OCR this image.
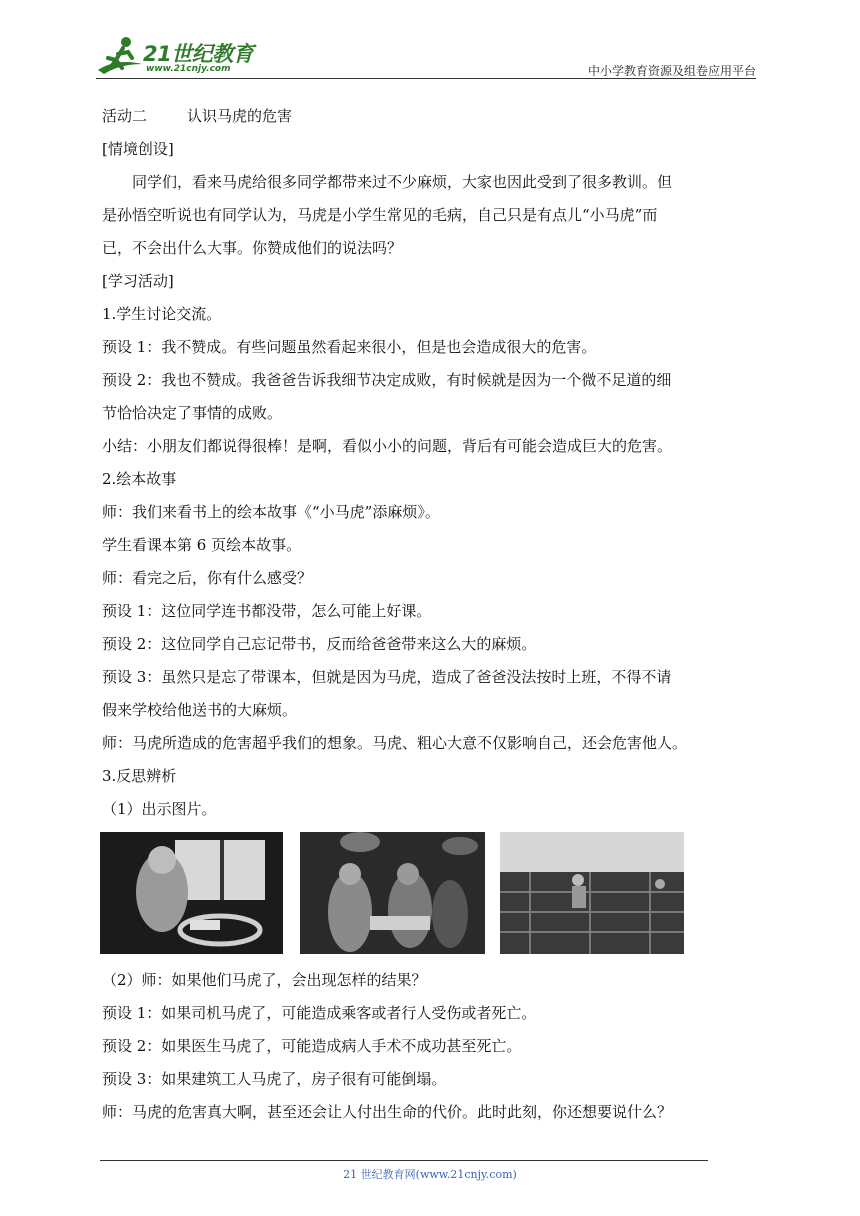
21世纪教育
www.21cnjy.com	中小学教育资源及组卷应用平台
活动二	认识马虎的危害
[情境创设]
同学们，看来马虎给很多同学都带来过不少麻烦，大家也因此受到了很多教训。但
是孙悟空听说也有同学认为，马虎是小学生常见的毛病，自己只是有点儿“小马虎”而
已，不会出什么大事。你赞成他们的说法吗？
[学习活动]
1.学生讨论交流。
预设 1：我不赞成。有些问题虽然看起来很小，但是也会造成很大的危害。
预设 2：我也不赞成。我爸爸告诉我细节决定成败，有时候就是因为一个微不足道的细
节恰恰决定了事情的成败。
小结：小朋友们都说得很棒！是啊，看似小小的问题，背后有可能会造成巨大的危害。
2.绘本故事
师：我们来看书上的绘本故事《“小马虎”添麻烦》。
学生看课本第 6 页绘本故事。
师：看完之后，你有什么感受？
预设 1：这位同学连书都没带，怎么可能上好课。
预设 2：这位同学自己忘记带书，反而给爸爸带来这么大的麻烦。
预设 3：虽然只是忘了带课本，但就是因为马虎，造成了爸爸没法按时上班，不得不请
假来学校给他送书的大麻烦。
师：马虎所造成的危害超乎我们的想象。马虎、粗心大意不仅影响自己，还会危害他人。
3.反思辨析
（1）出示图片。
（2）师：如果他们马虎了，会出现怎样的结果？
预设 1：如果司机马虎了，可能造成乘客或者行人受伤或者死亡。
预设 2：如果医生马虎了，可能造成病人手术不成功甚至死亡。
预设 3：如果建筑工人马虎了，房子很有可能倒塌。
师：马虎的危害真大啊，甚至还会让人付出生命的代价。此时此刻，你还想要说什么？
21 世纪教育网(www.21cnjy.com)
